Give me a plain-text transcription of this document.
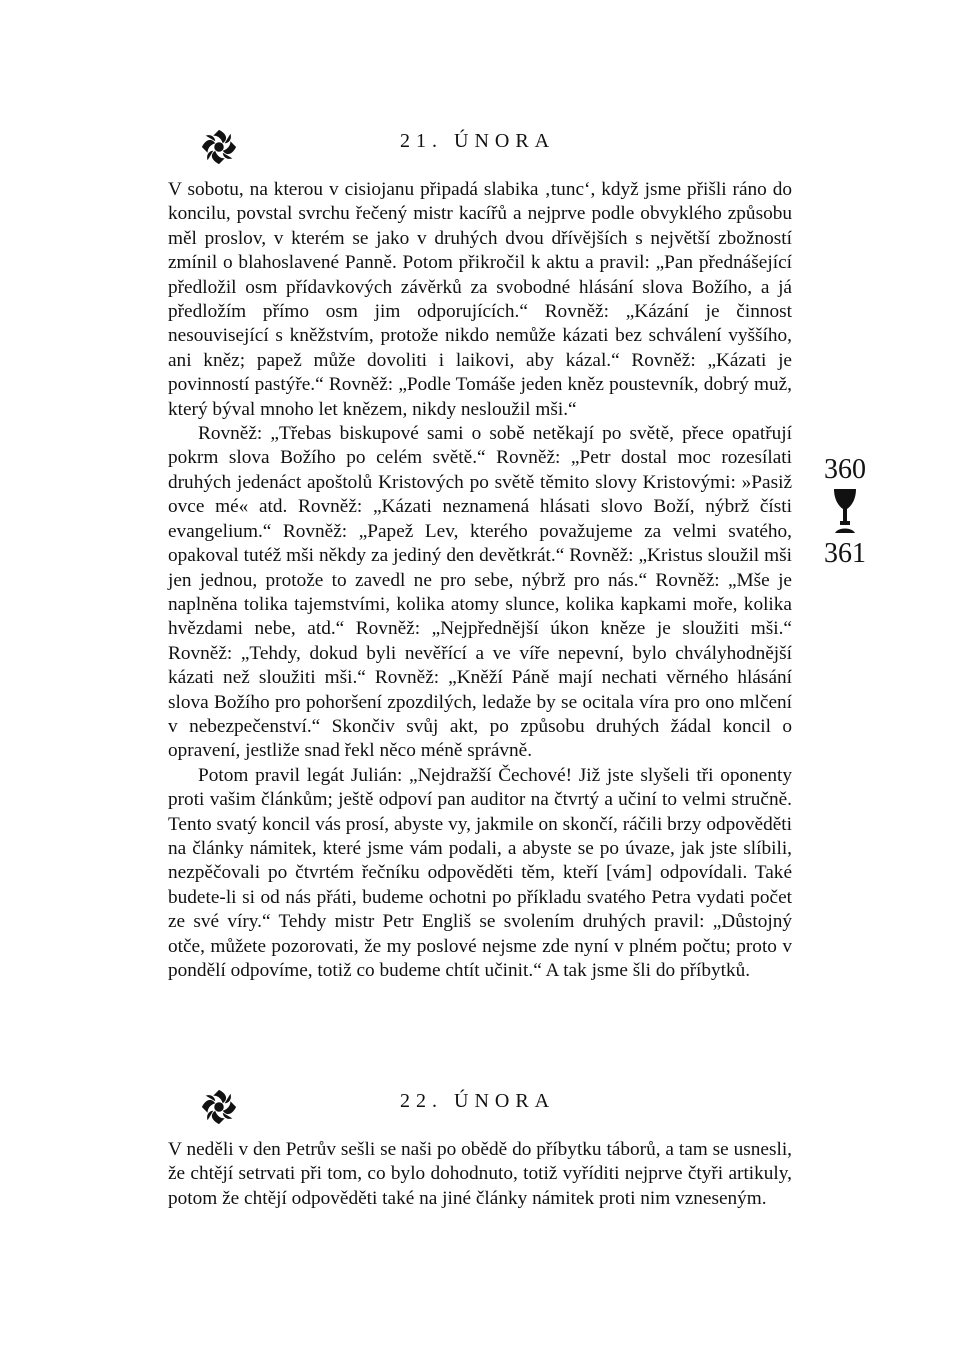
21. ÚNORA

V sobotu, na kterou v cisiojanu připadá slabika ‚tunc‘, když jsme přišli ráno do koncilu, povstal svrchu řečený mistr kacířů a nejprve podle obvyklého způsobu měl proslov, v kterém se jako v druhých dvou dřívějších s největší zbožností zmínil o blahoslavené Panně. Potom přikročil k aktu a pravil: „Pan přednášející předložil osm přídavkových závěrků za svobodné hlásání slova Božího, a já předložím přímo osm jim odporujících.“ Rovněž: „Kázání je činnost nesouvisející s kněžstvím, protože nikdo nemůže kázati bez schválení vyššího, ani kněz; papež může dovoliti i laikovi, aby kázal.“ Rovněž: „Kázati je povinností pastýře.“ Rovněž: „Podle Tomáše jeden kněz poustevník, dobrý muž, který býval mnoho let knězem, nikdy nesloužil mši.“

Rovněž: „Třebas biskupové sami o sobě netěkají po světě, přece opatřují pokrm slova Božího po celém světě.“ Rovněž: „Petr dostal moc rozesílati druhých jedenáct apoštolů Kristových po světě těmito slovy Kristovými: »Pasiž ovce mé« atd. Rovněž: „Kázati neznamená hlásati slovo Boží, nýbrž čísti evangelium.“ Rovněž: „Papež Lev, kterého považujeme za velmi svatého, opakoval tutéž mši někdy za jediný den devětkrát.“ Rovněž: „Kristus sloužil mši jen jednou, protože to zavedl ne pro sebe, nýbrž pro nás.“ Rovněž: „Mše je naplněna tolika tajemstvími, kolika atomy slunce, kolika kapkami moře, kolika hvězdami nebe, atd.“ Rovněž: „Nejpřednější úkon kněze je sloužiti mši.“ Rovněž: „Tehdy, dokud byli nevěřící a ve víře nepevní, bylo chvályhodnější kázati než sloužiti mši.“ Rovněž: „Kněží Páně mají nechati věrného hlásání slova Božího pro pohoršení zpozdilých, ledaže by se ocitala víra pro ono mlčení v nebezpečenství.“ Skončiv svůj akt, po způsobu druhých žádal koncil o opravení, jestliže snad řekl něco méně správně.

Potom pravil legát Julián: „Nejdražší Čechové! Již jste slyšeli tři oponenty proti vašim článkům; ještě odpoví pan auditor na čtvrtý a učiní to velmi stručně. Tento svatý koncil vás prosí, abyste vy, jakmile on skončí, ráčili brzy odpověděti na články námitek, které jsme vám podali, a abyste se po úvaze, jak jste slíbili, nezpěčovali po čtvrtém řečníku odpověděti těm, kteří [vám] odpovídali. Také budete-li si od nás přáti, budeme ochotni po příkladu svatého Petra vydati počet ze své víry.“ Tehdy mistr Petr Engliš se svolením druhých pravil: „Důstojný otče, můžete pozorovati, že my poslové nejsme zde nyní v plném počtu; proto v pondělí odpovíme, totiž co budeme chtít učinit.“ A tak jsme šli do příbytků.

360
361
22. ÚNORA

V neděli v den Petrův sešli se naši po obědě do příbytku táborů, a tam se usnesli, že chtějí setrvati při tom, co bylo dohodnuto, totiž vyříditi nejprve čtyři artikuly, potom že chtějí odpověděti také na jiné články námitek proti nim vzneseným.
